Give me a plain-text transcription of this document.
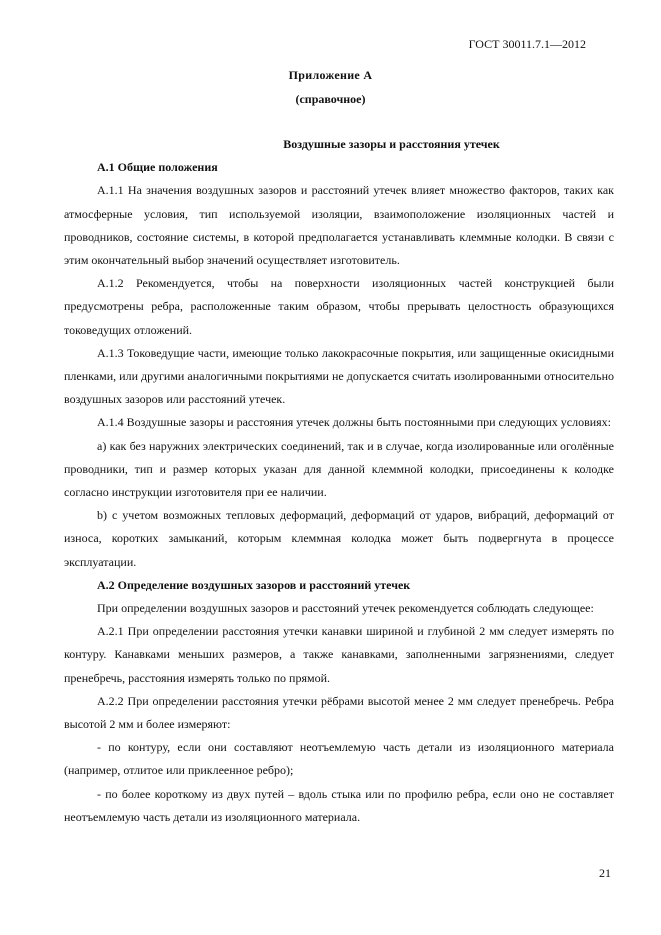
ГОСТ 30011.7.1—2012
Приложение А
(справочное)

Воздушные зазоры и расстояния утечек

А.1 Общие положения

А.1.1 На значения воздушных зазоров и расстояний утечек влияет множество факторов, таких как атмосферные условия, тип используемой изоляции, взаимоположение изоляционных частей и проводников, состояние системы, в которой предполагается устанавливать клеммные колодки. В связи с этим окончательный выбор значений осуществляет изготовитель.

А.1.2 Рекомендуется, чтобы на поверхности изоляционных частей конструкцией были предусмотрены ребра, расположенные таким образом, чтобы прерывать целостность образующихся токоведущих отложений.

А.1.3 Токоведущие части, имеющие только лакокрасочные покрытия, или защищенные окисидными пленками, или другими аналогичными покрытиями не допускается считать изолированными относительно воздушных зазоров или расстояний утечек.

А.1.4 Воздушные зазоры и расстояния утечек должны быть постоянными при следующих условиях:

a) как без наружних электрических соединений, так и в случае, когда изолированные или оголённые проводники, тип и размер которых указан для данной клеммной колодки, присоединены к колодке согласно инструкции изготовителя при ее наличии.

b) с учетом возможных тепловых деформаций, деформаций от ударов, вибраций, деформаций от износа, коротких замыканий, которым клеммная колодка может быть подвергнута в процессе эксплуатации.

А.2 Определение воздушных зазоров и расстояний утечек

При определении воздушных зазоров и расстояний утечек рекомендуется соблюдать следующее:

А.2.1 При определении расстояния утечки канавки шириной и глубиной 2 мм следует измерять по контуру. Канавками меньших размеров, а также канавками, заполненными загрязнениями, следует пренебречь, расстояния измерять только по прямой.

А.2.2 При определении расстояния утечки рёбрами высотой менее 2 мм следует пренебречь. Ребра высотой 2 мм и более измеряют:

- по контуру, если они составляют неотъемлемую часть детали из изоляционного материала (например, отлитое или приклеенное ребро);

- по более короткому из двух путей – вдоль стыка или по профилю ребра, если оно не составляет неотъемлемую часть детали из изоляционного материала.

21
